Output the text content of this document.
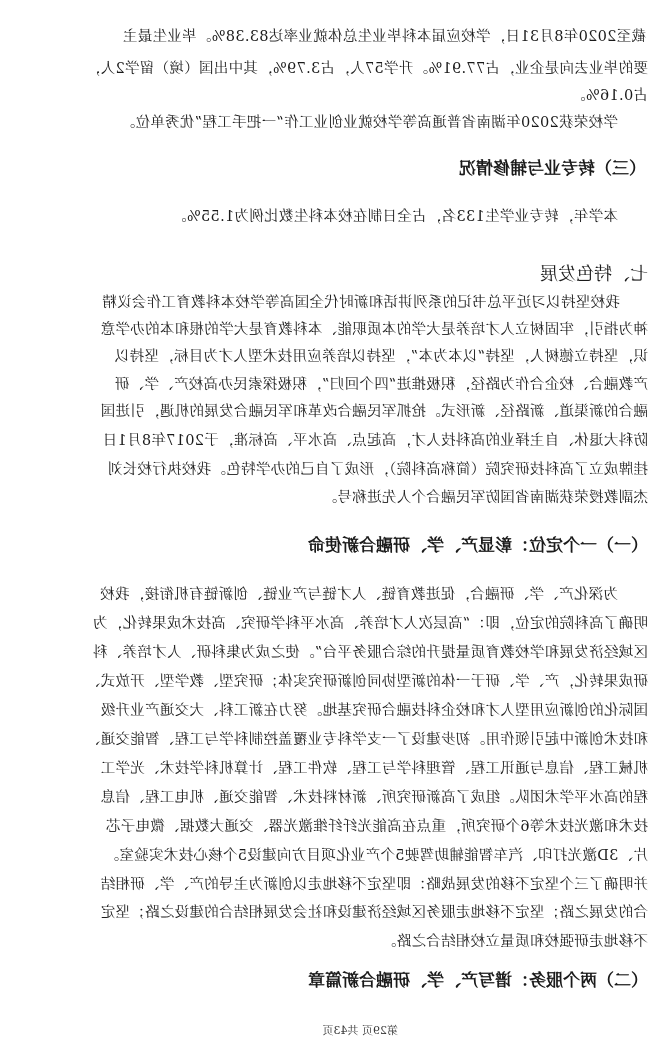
截至2020年8月31日，学校应届本科毕业生总体就业率达83.38%。毕业生最主
要的毕业去向是企业，占77.91%。升学57人，占3.79%，其中出国（境）留学2人，
占0.16%。
学校荣获2020年湖南省普通高等学校就业创业工作“一把手工程”优秀单位。
（三）转专业与辅修情况
本学年，转专业学生133名，占全日制在校本科生数比例为1.55%。
七、特色发展
我校坚持以习近平总书记的系列讲话和新时代全国高等学校本科教育工作会议精
神为指引，牢固树立人才培养是大学的本质职能、本科教育是大学的根和本的办学意
识，坚持立德树人，坚持“以本为本”，坚持以培养应用技术型人才为目标，坚持以
产教融合、校企合作为路径，积极推进“四个回归”，积极探索民办高校产、学、研
融合的新渠道、新路径、新形式。抢抓军民融合改革和军民融合发展的机遇，引进国
防科大退休、自主择业的高科技人才，高起点、高水平、高标准，于2017年8月1日
挂牌成立了高科技研究院（简称高科院），形成了自己的办学特色。我校执行校长刘
杰副教授荣获湖南省国防军民融合个人先进称号。
（一）一个定位：彰显产、学、研融合新使命
为深化产、学、研融合，促进教育链、人才链与产业链、创新链有机衔接，我校
明确了高科院的定位，即：“高层次人才培养、高水平科学研究、高技术成果转化，为
区域经济发展和学校教育质量提升的综合服务平台”。使之成为集科研、人才培养、科
研成果转化，产、学、研于一体的新型协同创新研究实体；研究型、教学型、开放式、
国际化的创新应用型人才和校企科技融合研究基地。努力在新工科、大交通产业升级
和技术创新中起引领作用。初步建设了一支学科专业覆盖控制科学与工程、智能交通、
机械工程、信息与通讯工程、管理科学与工程、软件工程、计算机科学技术、光学工
程的高水平学术团队。组成了高新研究所、新材料技术、智能交通、机电工程、信息
技术和激光技术等6个研究所，重点在高能光纤纤维激光器、交通大数据、微电子芯
片、3D激光打印、汽车智能辅助驾驶5个产业化项目方向建设5个核心技术实验室。
并明确了三个坚定不移的发展战略：即坚定不移地走以创新为主导的产、学、研相结
合的发展之路；坚定不移地走服务区域经济建设和社会发展相结合的建设之路；坚定
不移地走研强校和质量立校相结合之路。
（二）两个服务：谱写产、学、研融合新篇章
第29页 共43页
